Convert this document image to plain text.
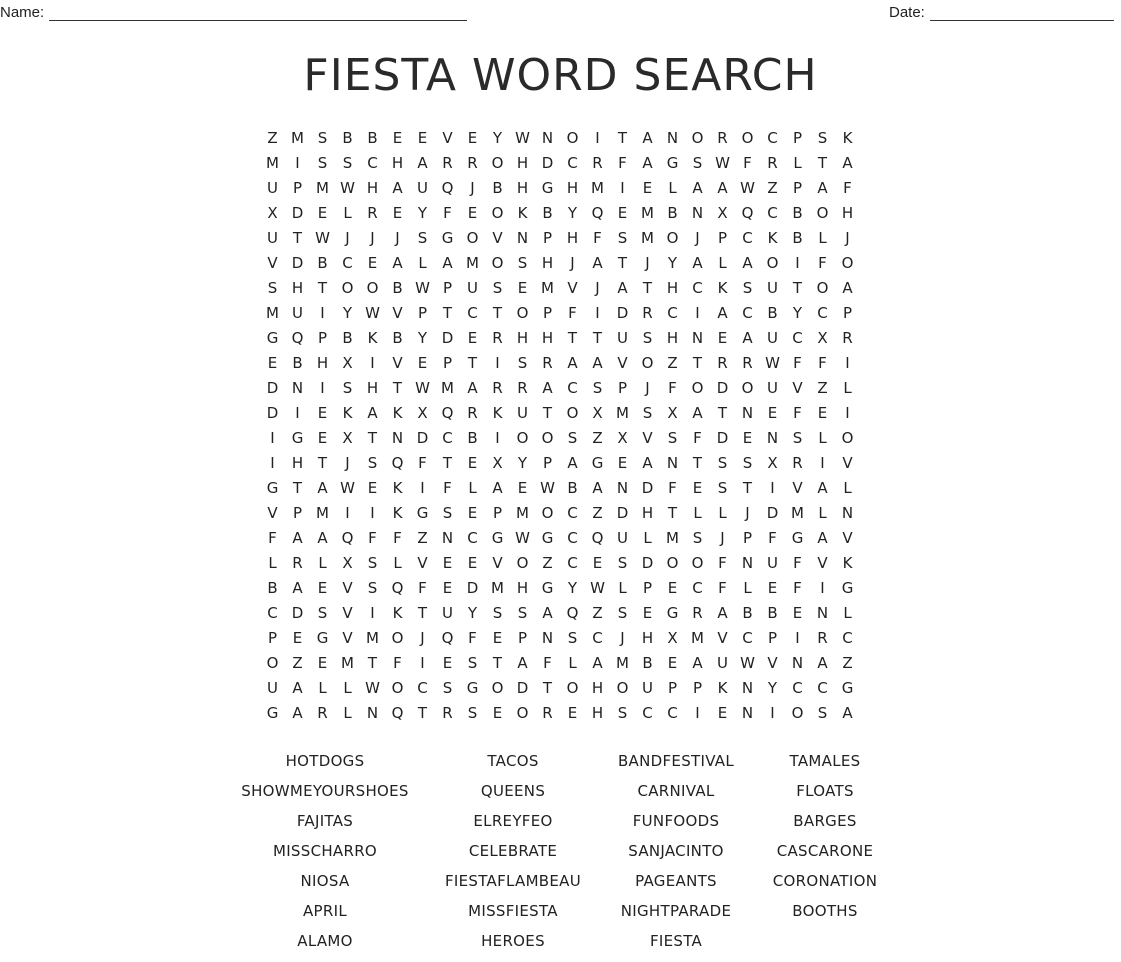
Name:	Date:
FIESTA WORD SEARCH
Z M S	B B	E	E	V	E	Y W N O	I	T	A N O R O C	P	S	K
M	I	S	S C H A R R O H D C R	F	A G S W F	R	L	T	A
U P M W H A U Q	J	B H G H M	I	E	L	A A W Z	P	A	F
X D E	L	R	E	Y	F	E O K B	Y Q E M B N X Q C B O H
U T W	J	J	J	S G O V N P H	F	S M O	J	P	C K B	L	J
V D B C	E	A	L	A M O S H	J	A	T	J	Y	A	L	A O	I	F O
S H T O O B W P U S	E M V	J	A	T H C K	S U T O A
M U	I	Y W V	P	T	C	T O P	F	I	D R C	I	A C B	Y	C	P
G Q P	B K B	Y D E	R H H T	T U S H N E	A U C X R
E	B H X	I	V	E	P	T	I	S	R A A V O Z	T	R R W F	F	I
D N	I	S H T W M A R R A C	S	P	J	F O D O U V Z	L
D	I	E	K A K X Q R K U T O X M S	X A	T N E	F	E	I
I	G E	X	T N D C B	I	O O S	Z X V	S	F D E N S	L O
I	H T	J	S Q F	T	E	X	Y	P	A G E	A N T	S	S	X R	I	V
G T	A W E	K	I	F	L	A	E W B A N D F	E	S	T	I	V A	L
V	P M	I	I	K G S	E	P M O C Z D H T	L	L	J	D M L	N
F	A A Q F	F	Z N C G W G C Q U	L M S	J	P	F G A V
L	R	L	X	S	L	V	E	E	V O Z C	E	S D O O F	N U	F	V K
B A	E	V	S Q F	E D M H G Y W L	P	E	C	F	L	E	F	I	G
C D S	V	I	K	T U Y	S	S	A Q Z	S	E G R A B B	E N	L
P	E G V M O	J	Q F	E	P N S C	J	H X M V C	P	I	R C
O Z	E M T	F	I	E	S	T	A	F	L	A M B	E	A U W V N A Z
U A	L	L W O C	S G O D T O H O U P	P	K N Y	C C G
G A R	L	N Q T	R	S	E O R	E H S C C	I	E N	I	O S	A
HOTDOGS	TACOS	BANDFESTIVAL	TAMALES
SHOWMEYOURSHOES	QUEENS	CARNIVAL	FLOATS
FAJITAS	ELREYFEO	FUNFOODS	BARGES
MISSCHARRO	CELEBRATE	SANJACINTO	CASCARONE
NIOSA	FIESTAFLAMBEAU	PAGEANTS	CORONATION
APRIL	MISSFIESTA	NIGHTPARADE	BOOTHS
ALAMO	HEROES	FIESTA
